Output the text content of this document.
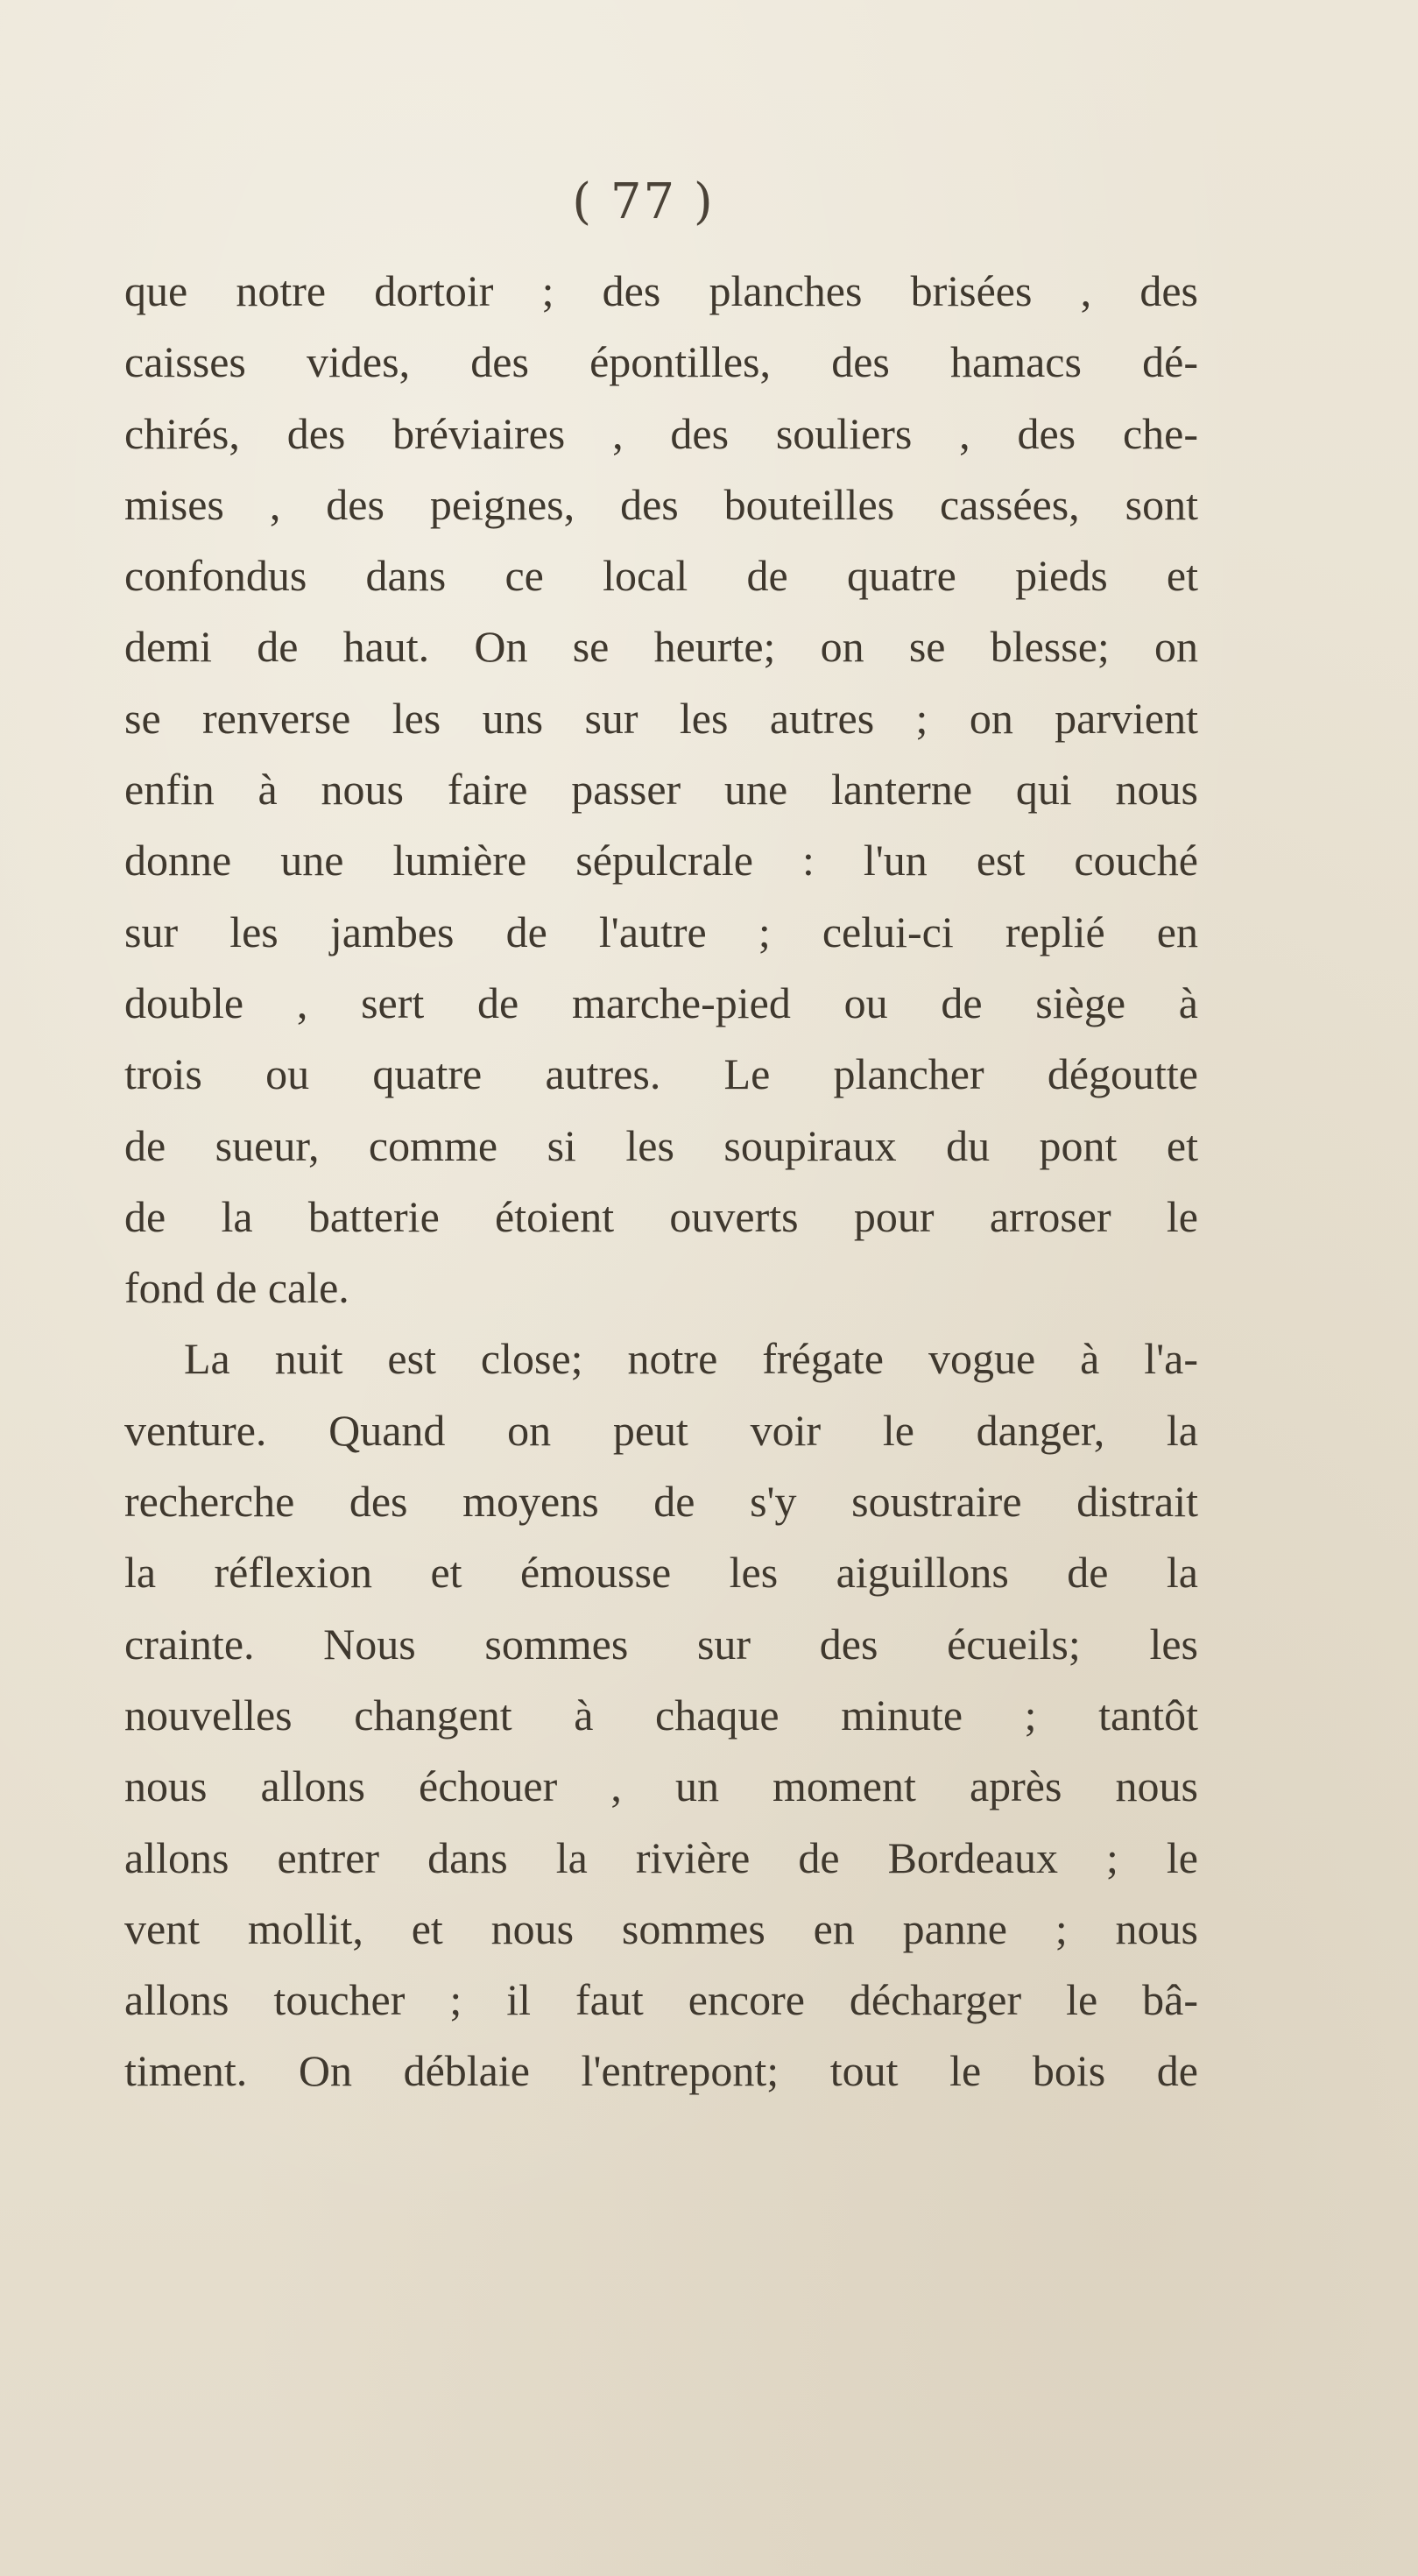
( 77 )
que notre dortoir ; des planches brisées , des
caisses vides, des épontilles, des hamacs dé-
chirés, des bréviaires , des souliers , des che-
mises , des peignes, des bouteilles cassées, sont
confondus dans ce local de quatre pieds et
demi de haut. On se heurte; on se blesse; on
se renverse les uns sur les autres ; on parvient
enfin à nous faire passer une lanterne qui nous
donne une lumière sépulcrale : l'un est couché
sur les jambes de l'autre ; celui-ci replié en
double , sert de marche-pied ou de siège à
trois ou quatre autres. Le plancher dégoutte
de sueur, comme si les soupiraux du pont et
de la batterie étoient ouverts pour arroser le
fond de cale.
La nuit est close; notre frégate vogue à l'a-
venture. Quand on peut voir le danger, la
recherche des moyens de s'y soustraire distrait
la réflexion et émousse les aiguillons de la
crainte. Nous sommes sur des écueils; les
nouvelles changent à chaque minute ; tantôt
nous allons échouer , un moment après nous
allons entrer dans la rivière de Bordeaux ; le
vent mollit, et nous sommes en panne ; nous
allons toucher ; il faut encore décharger le bâ-
timent. On déblaie l'entrepont; tout le bois de
